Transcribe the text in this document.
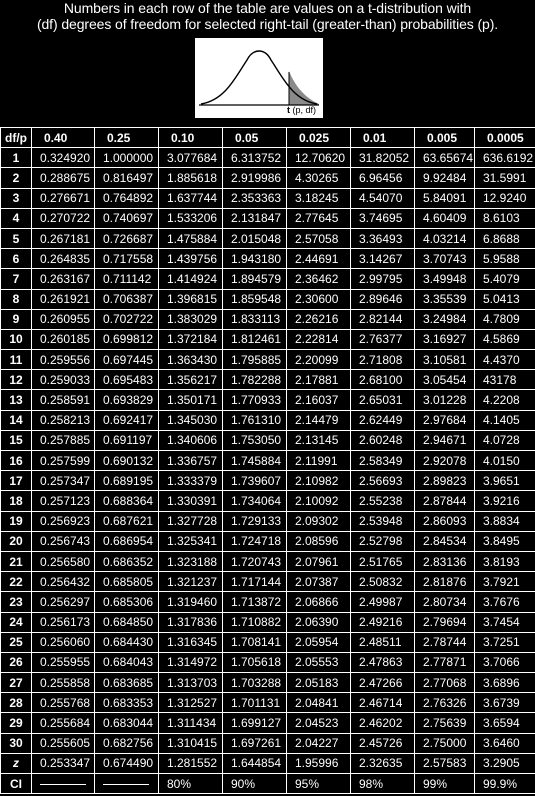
Numbers in each row of the table are values on a t-distribution with
(df) degrees of freedom for selected right-tail (greater-than) probabilities (p).
t (p, df)
df/p	0.40	0.25	0.10	0.05	0.025	0.01	0.005	0.0005
1	0.324920	1.000000	3.077684	6.313752	12.70620	31.82052	63.65674	636.6192
2	0.288675	0.816497	1.885618	2.919986	4.30265	6.96456	9.92484	31.5991
3	0.276671	0.764892	1.637744	2.353363	3.18245	4.54070	5.84091	12.9240
4	0.270722	0.740697	1.533206	2.131847	2.77645	3.74695	4.60409	8.6103
5	0.267181	0.726687	1.475884	2.015048	2.57058	3.36493	4.03214	6.8688
6	0.264835	0.717558	1.439756	1.943180	2.44691	3.14267	3.70743	5.9588
7	0.263167	0.711142	1.414924	1.894579	2.36462	2.99795	3.49948	5.4079
8	0.261921	0.706387	1.396815	1.859548	2.30600	2.89646	3.35539	5.0413
9	0.260955	0.702722	1.383029	1.833113	2.26216	2.82144	3.24984	4.7809
10	0.260185	0.699812	1.372184	1.812461	2.22814	2.76377	3.16927	4.5869
11	0.259556	0.697445	1.363430	1.795885	2.20099	2.71808	3.10581	4.4370
12	0.259033	0.695483	1.356217	1.782288	2.17881	2.68100	3.05454	43178
13	0.258591	0.693829	1.350171	1.770933	2.16037	2.65031	3.01228	4.2208
14	0.258213	0.692417	1.345030	1.761310	2.14479	2.62449	2.97684	4.1405
15	0.257885	0.691197	1.340606	1.753050	2.13145	2.60248	2.94671	4.0728
16	0.257599	0.690132	1.336757	1.745884	2.11991	2.58349	2.92078	4.0150
17	0.257347	0.689195	1.333379	1.739607	2.10982	2.56693	2.89823	3.9651
18	0.257123	0.688364	1.330391	1.734064	2.10092	2.55238	2.87844	3.9216
19	0.256923	0.687621	1.327728	1.729133	2.09302	2.53948	2.86093	3.8834
20	0.256743	0.686954	1.325341	1.724718	2.08596	2.52798	2.84534	3.8495
21	0.256580	0.686352	1.323188	1.720743	2.07961	2.51765	2.83136	3.8193
22	0.256432	0.685805	1.321237	1.717144	2.07387	2.50832	2.81876	3.7921
23	0.256297	0.685306	1.319460	1.713872	2.06866	2.49987	2.80734	3.7676
24	0.256173	0.684850	1.317836	1.710882	2.06390	2.49216	2.79694	3.7454
25	0.256060	0.684430	1.316345	1.708141	2.05954	2.48511	2.78744	3.7251
26	0.255955	0.684043	1.314972	1.705618	2.05553	2.47863	2.77871	3.7066
27	0.255858	0.683685	1.313703	1.703288	2.05183	2.47266	2.77068	3.6896
28	0.255768	0.683353	1.312527	1.701131	2.04841	2.46714	2.76326	3.6739
29	0.255684	0.683044	1.311434	1.699127	2.04523	2.46202	2.75639	3.6594
30	0.255605	0.682756	1.310415	1.697261	2.04227	2.45726	2.75000	3.6460
z	0.253347	0.674490	1.281552	1.644854	1.95996	2.32635	2.57583	3.2905
CI			80%	90%	95%	98%	99%	99.9%
